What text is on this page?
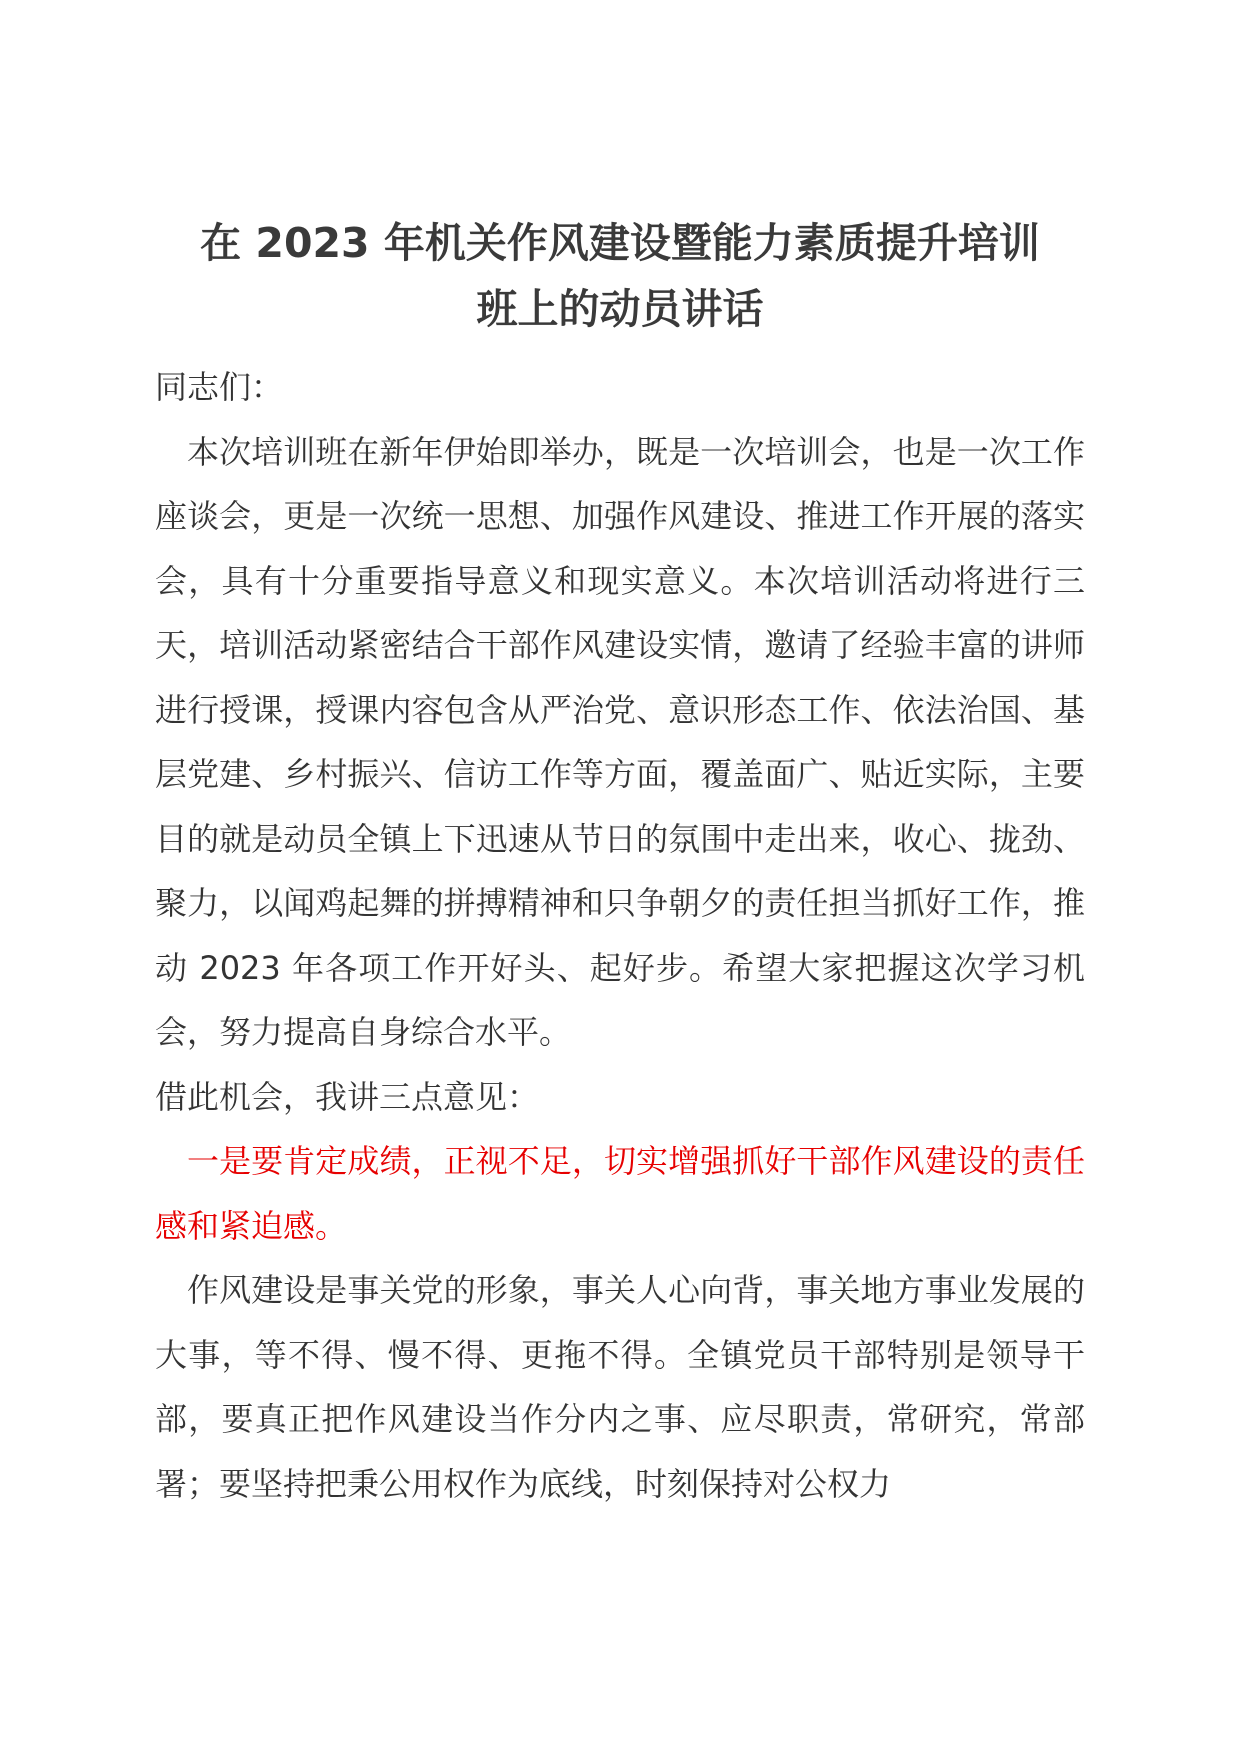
在 2023 年机关作风建设暨能力素质提升培训
班上的动员讲话

同志们：

本次培训班在新年伊始即举办，既是一次培训会，也是一次工作座谈会，更是一次统一思想、加强作风建设、推进工作开展的落实会，具有十分重要指导意义和现实意义。本次培训活动将进行三天，培训活动紧密结合干部作风建设实情，邀请了经验丰富的讲师进行授课，授课内容包含从严治党、意识形态工作、依法治国、基层党建、乡村振兴、信访工作等方面，覆盖面广、贴近实际，主要目的就是动员全镇上下迅速从节日的氛围中走出来，收心、拢劲、聚力，以闻鸡起舞的拼搏精神和只争朝夕的责任担当抓好工作，推动 2023 年各项工作开好头、起好步。希望大家把握这次学习机会，努力提高自身综合水平。

借此机会，我讲三点意见：

一是要肯定成绩，正视不足，切实增强抓好干部作风建设的责任感和紧迫感。

作风建设是事关党的形象，事关人心向背，事关地方事业发展的大事，等不得、慢不得、更拖不得。全镇党员干部特别是领导干部，要真正把作风建设当作分内之事、应尽职责，常研究，常部署；要坚持把秉公用权作为底线，时刻保持对公权力
